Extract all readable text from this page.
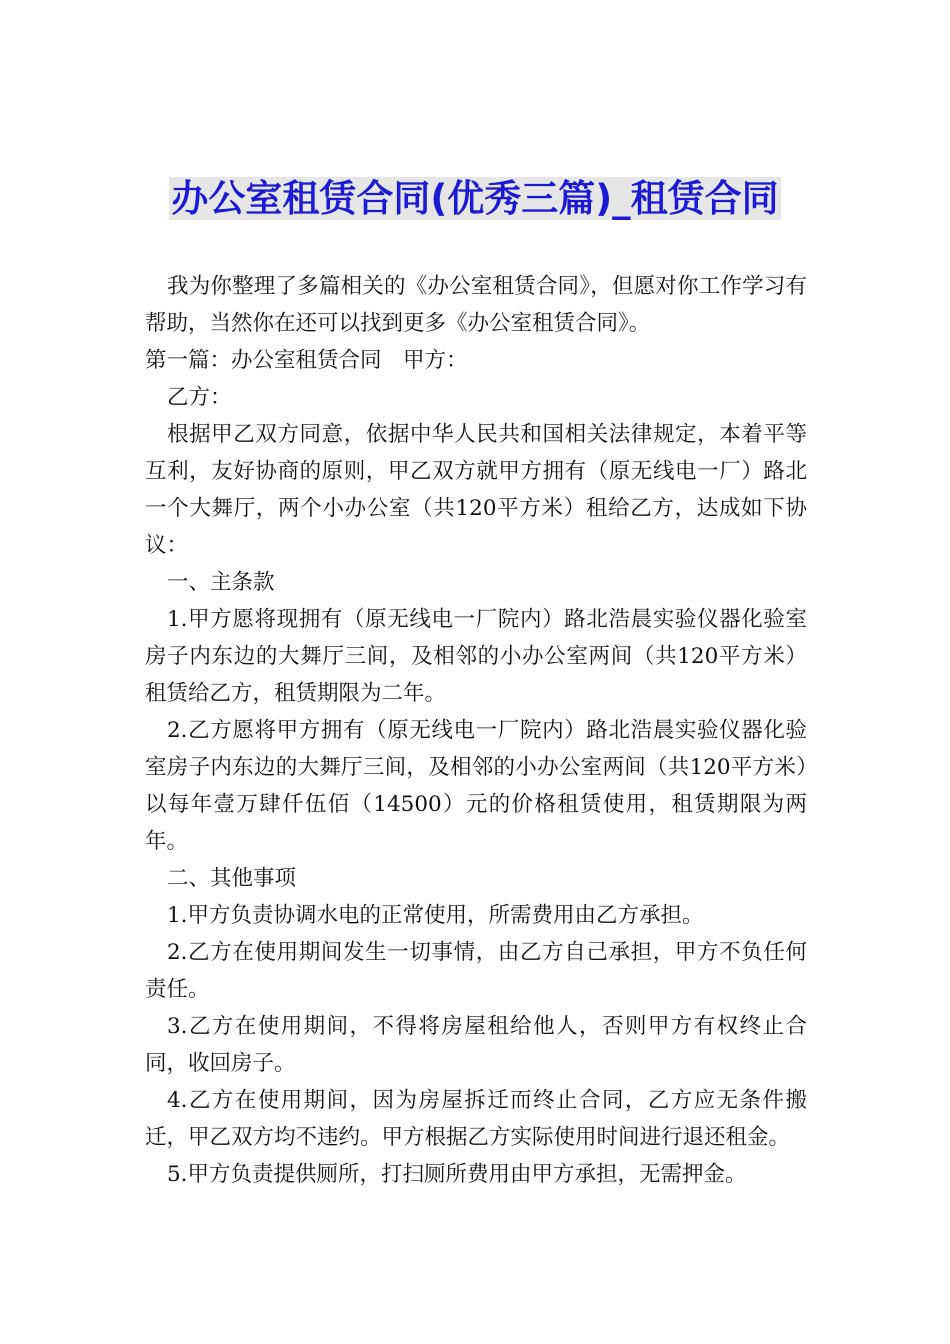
办公室租赁合同(优秀三篇)_租赁合同

我为你整理了多篇相关的《办公室租赁合同》，但愿对你工作学习有帮助，当然你在还可以找到更多《办公室租赁合同》。

第一篇：办公室租赁合同　甲方：

乙方：

根据甲乙双方同意，依据中华人民共和国相关法律规定，本着平等互利，友好协商的原则，甲乙双方就甲方拥有（原无线电一厂）路北一个大舞厅，两个小办公室（共120平方米）租给乙方，达成如下协议：

一、主条款

1.甲方愿将现拥有（原无线电一厂院内）路北浩晨实验仪器化验室房子内东边的大舞厅三间，及相邻的小办公室两间（共120平方米）租赁给乙方，租赁期限为二年。

2.乙方愿将甲方拥有（原无线电一厂院内）路北浩晨实验仪器化验室房子内东边的大舞厅三间，及相邻的小办公室两间（共120平方米）以每年壹万肆仟伍佰（14500）元的价格租赁使用，租赁期限为两年。

二、其他事项

1.甲方负责协调水电的正常使用，所需费用由乙方承担。

2.乙方在使用期间发生一切事情，由乙方自己承担，甲方不负任何责任。

3.乙方在使用期间，不得将房屋租给他人，否则甲方有权终止合同，收回房子。

4.乙方在使用期间，因为房屋拆迁而终止合同，乙方应无条件搬迁，甲乙双方均不违约。甲方根据乙方实际使用时间进行退还租金。

5.甲方负责提供厕所，打扫厕所费用由甲方承担，无需押金。
